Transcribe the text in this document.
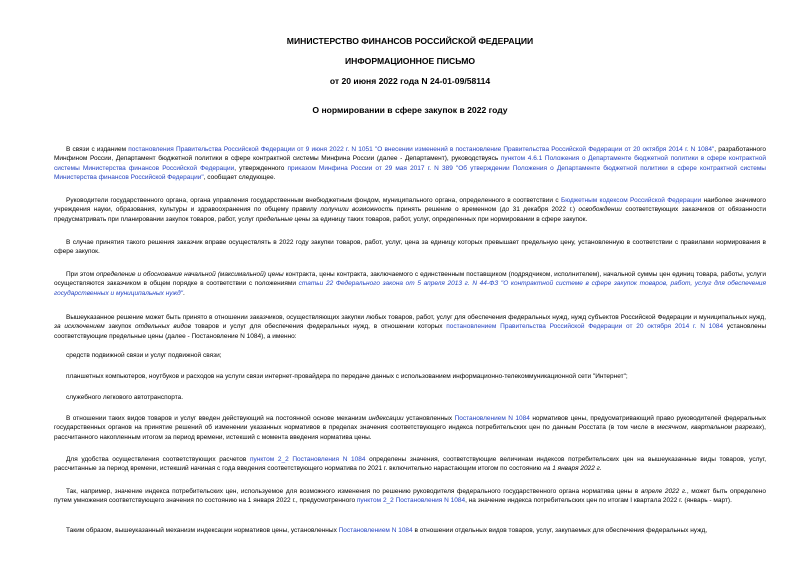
МИНИСТЕРСТВО ФИНАНСОВ РОССИЙСКОЙ ФЕДЕРАЦИИ
ИНФОРМАЦИОННОЕ ПИСЬМО
от 20 июня 2022 года N 24-01-09/58114
О нормировании в сфере закупок в 2022 году
В связи с изданием постановления Правительства Российской Федерации от 9 июня 2022 г. N 1051 "О внесении изменений в постановление Правительства Российской Федерации от 20 октября 2014 г. N 1084", разработанного Минфином России, Департамент бюджетной политики в сфере контрактной системы Минфина России (далее - Департамент), руководствуясь пунктом 4.6.1 Положения о Департаменте бюджетной политики в сфере контрактной системы Министерства финансов Российской Федерации, утвержденного приказом Минфина России от 29 мая 2017 г. N 389 "Об утверждении Положения о Департаменте бюджетной политики в сфере контрактной системы Министерства финансов Российской Федерации", сообщает следующее.
Руководители государственного органа, органа управления государственным внебюджетным фондом, муниципального органа, определенного в соответствии с Бюджетным кодексом Российской Федерации наиболее значимого учреждения науки, образования, культуры и здравоохранения по общему правилу получили возможность принять решение о временном (до 31 декабря 2022 г.) освобождении соответствующих заказчиков от обязанности предусматривать при планировании закупок товаров, работ, услуг предельные цены за единицу таких товаров, работ, услуг, определенных при нормировании в сфере закупок.
В случае принятия такого решения заказчик вправе осуществлять в 2022 году закупки товаров, работ, услуг, цена за единицу которых превышает предельную цену, установленную в соответствии с правилами нормирования в сфере закупок.
При этом определение и обоснование начальной (максимальной) цены контракта, цены контракта, заключаемого с единственным поставщиком (подрядчиком, исполнителем), начальной суммы цен единиц товара, работы, услуги осуществляются заказчиком в общем порядке в соответствии с положениями статьи 22 Федерального закона от 5 апреля 2013 г. N 44-ФЗ "О контрактной системе в сфере закупок товаров, работ, услуг для обеспечения государственных и муниципальных нужд".
Вышеуказанное решение может быть принято в отношении заказчиков, осуществляющих закупки любых товаров, работ, услуг для обеспечения федеральных нужд, нужд субъектов Российской Федерации и муниципальных нужд, за исключением закупок отдельных видов товаров и услуг для обеспечения федеральных нужд, в отношении которых постановлением Правительства Российской Федерации от 20 октября 2014 г. N 1084 установлены соответствующие предельные цены (далее - Постановление N 1084), а именно:
средств подвижной связи и услуг подвижной связи;
планшетных компьютеров, ноутбуков и расходов на услуги связи интернет-провайдера по передаче данных с использованием информационно-телекоммуникационной сети "Интернет";
служебного легкового автотранспорта.
В отношении таких видов товаров и услуг введен действующий на постоянной основе механизм индексации установленных Постановлением N 1084 нормативов цены, предусматривающий право руководителей федеральных государственных органов на принятие решений об изменении указанных нормативов в пределах значения соответствующего индекса потребительских цен по данным Росстата (в том числе в месячном, квартальном разрезах), рассчитанного накопленным итогом за период времени, истекший с момента введения норматива цены.
Для удобства осуществления соответствующих расчетов пунктом 2_2 Постановления N 1084 определены значения, соответствующие величинам индексов потребительских цен на вышеуказанные виды товаров, услуг, рассчитанные за период времени, истекший начиная с года введения соответствующего норматива по 2021 г. включительно нарастающим итогом по состоянию на 1 января 2022 г.
Так, например, значение индекса потребительских цен, используемое для возможного изменения по решению руководителя федерального государственного органа норматива цены в апреле 2022 г., может быть определено путем умножения соответствующего значения по состоянию на 1 января 2022 г., предусмотренного пунктом 2_2 Постановления N 1084, на значение индекса потребительских цен по итогам I квартала 2022 г. (январь - март).
Таким образом, вышеуказанный механизм индексации нормативов цены, установленных Постановлением N 1084 в отношении отдельных видов товаров, услуг, закупаемых для обеспечения федеральных нужд,
